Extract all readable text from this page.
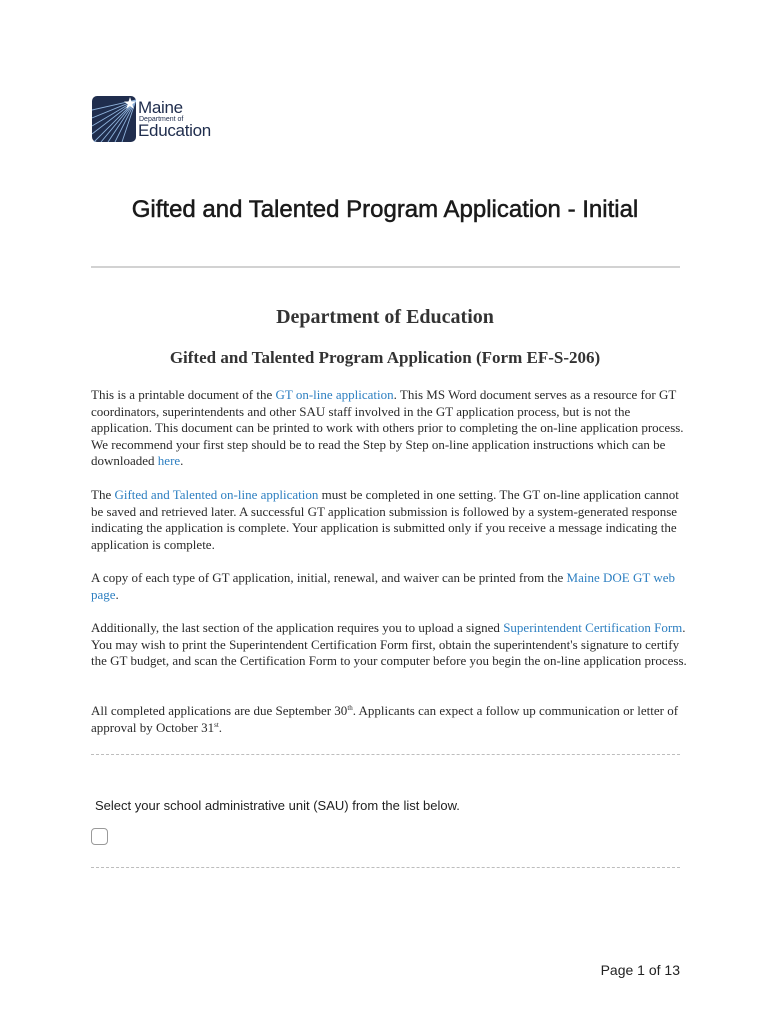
Maine
Department of
Education
Gifted and Talented Program Application - Initial
Department of Education
Gifted and Talented Program Application (Form EF-S-206)

This is a printable document of the GT on-line application. This MS Word document serves as a resource for GT coordinators, superintendents and other SAU staff involved in the GT application process, but is not the application. This document can be printed to work with others prior to completing the on-line application process. We recommend your first step should be to read the Step by Step on-line application instructions which can be downloaded here.

The Gifted and Talented on-line application must be completed in one setting. The GT on-line application cannot be saved and retrieved later. A successful GT application submission is followed by a system-generated response indicating the application is complete. Your application is submitted only if you receive a message indicating the application is complete.

A copy of each type of GT application, initial, renewal, and waiver can be printed from the Maine DOE GT web page.

Additionally, the last section of the application requires you to upload a signed Superintendent Certification Form. You may wish to print the Superintendent Certification Form first, obtain the superintendent's signature to certify the GT budget, and scan the Certification Form to your computer before you begin the on-line application process.

All completed applications are due September 30th. Applicants can expect a follow up communication or letter of approval by October 31st.

Select your school administrative unit (SAU) from the list below.
Page 1 of 13
